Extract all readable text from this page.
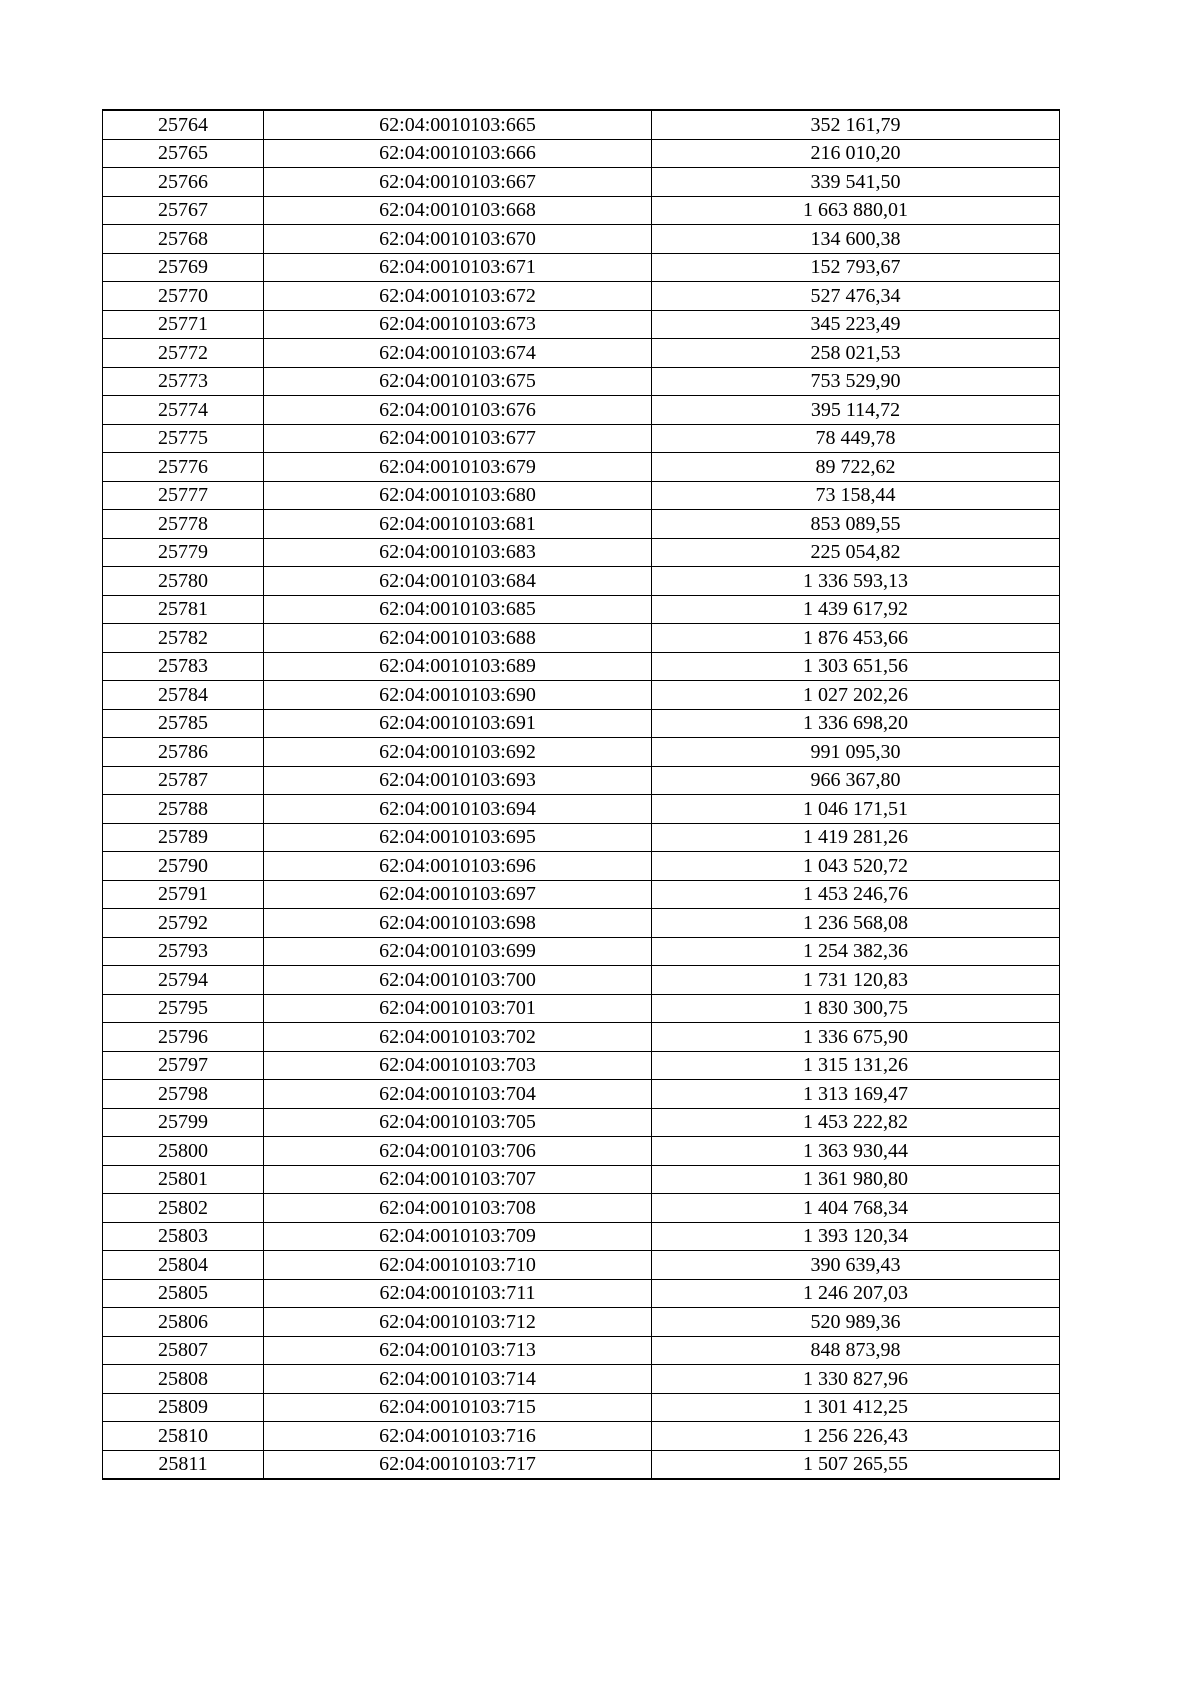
25764	62:04:0010103:665	352 161,79
25765	62:04:0010103:666	216 010,20
25766	62:04:0010103:667	339 541,50
25767	62:04:0010103:668	1 663 880,01
25768	62:04:0010103:670	134 600,38
25769	62:04:0010103:671	152 793,67
25770	62:04:0010103:672	527 476,34
25771	62:04:0010103:673	345 223,49
25772	62:04:0010103:674	258 021,53
25773	62:04:0010103:675	753 529,90
25774	62:04:0010103:676	395 114,72
25775	62:04:0010103:677	78 449,78
25776	62:04:0010103:679	89 722,62
25777	62:04:0010103:680	73 158,44
25778	62:04:0010103:681	853 089,55
25779	62:04:0010103:683	225 054,82
25780	62:04:0010103:684	1 336 593,13
25781	62:04:0010103:685	1 439 617,92
25782	62:04:0010103:688	1 876 453,66
25783	62:04:0010103:689	1 303 651,56
25784	62:04:0010103:690	1 027 202,26
25785	62:04:0010103:691	1 336 698,20
25786	62:04:0010103:692	991 095,30
25787	62:04:0010103:693	966 367,80
25788	62:04:0010103:694	1 046 171,51
25789	62:04:0010103:695	1 419 281,26
25790	62:04:0010103:696	1 043 520,72
25791	62:04:0010103:697	1 453 246,76
25792	62:04:0010103:698	1 236 568,08
25793	62:04:0010103:699	1 254 382,36
25794	62:04:0010103:700	1 731 120,83
25795	62:04:0010103:701	1 830 300,75
25796	62:04:0010103:702	1 336 675,90
25797	62:04:0010103:703	1 315 131,26
25798	62:04:0010103:704	1 313 169,47
25799	62:04:0010103:705	1 453 222,82
25800	62:04:0010103:706	1 363 930,44
25801	62:04:0010103:707	1 361 980,80
25802	62:04:0010103:708	1 404 768,34
25803	62:04:0010103:709	1 393 120,34
25804	62:04:0010103:710	390 639,43
25805	62:04:0010103:711	1 246 207,03
25806	62:04:0010103:712	520 989,36
25807	62:04:0010103:713	848 873,98
25808	62:04:0010103:714	1 330 827,96
25809	62:04:0010103:715	1 301 412,25
25810	62:04:0010103:716	1 256 226,43
25811	62:04:0010103:717	1 507 265,55
